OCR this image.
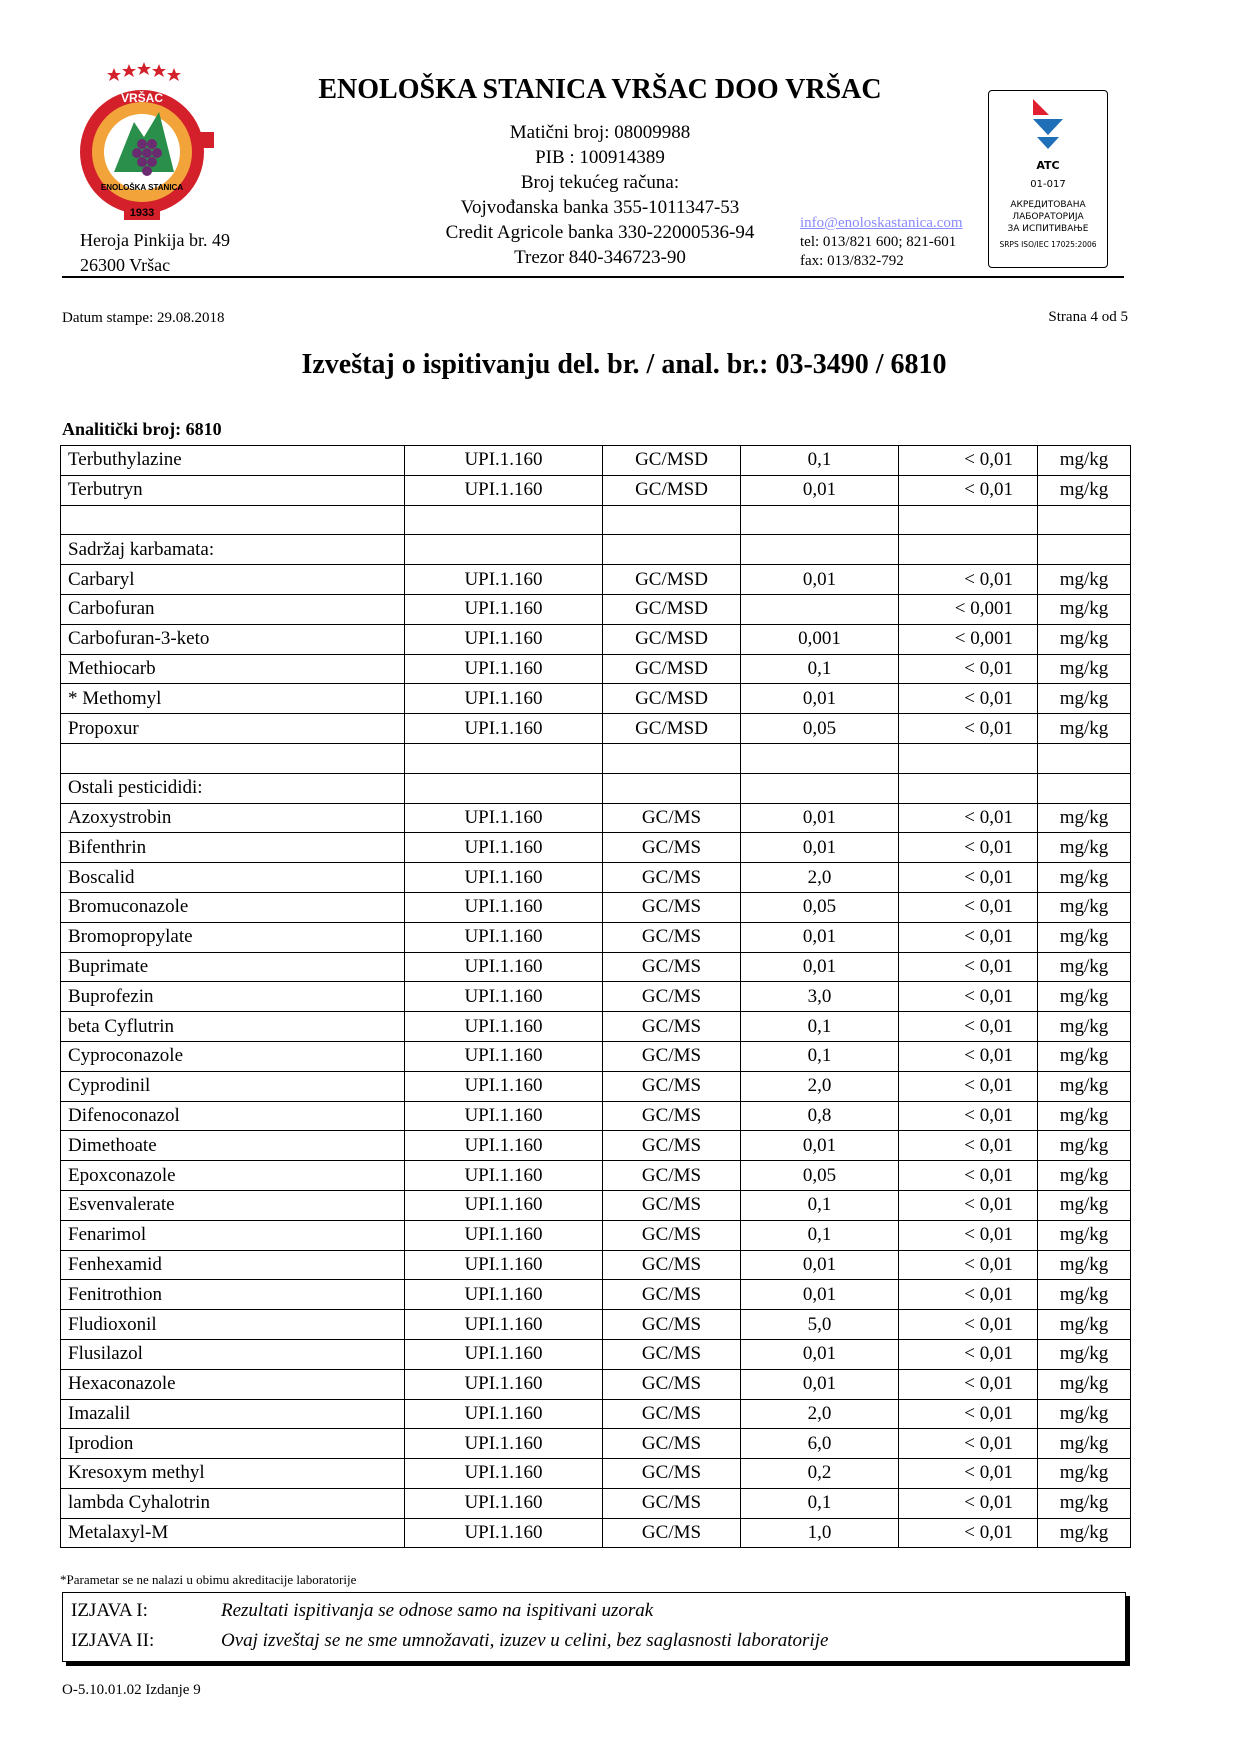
1933
VRŠAC
ENOLOŠKA STANICA
Heroja Pinkija br. 49
26300 Vršac
ENOLOŠKA STANICA VRŠAC DOO VRŠAC
Matični broj: 08009988
PIB : 100914389
Broj tekućeg računa:
Vojvođanska banka 355-1011347-53
Credit Agricole banka 330-22000536-94
Trezor 840-346723-90
info@enoloskastanica.com
tel: 013/821 600; 821-601
fax: 013/832-792
ATC
01-017
АКРЕДИТОВАНА
ЛАБОРАТОРИЈА
ЗА ИСПИТИВАЊЕ
SRPS ISO/IEC 17025:2006
Datum stampe: 29.08.2018	Strana 4 od 5
Izveštaj o ispitivanju del. br. / anal. br.: 03-3490 / 6810
Analitički broj: 6810
Terbuthylazine	UPI.1.160	GC/MSD	0,1	< 0,01	mg/kg
Terbutryn	UPI.1.160	GC/MSD	0,01	< 0,01	mg/kg

Sadržaj karbamata:					
Carbaryl	UPI.1.160	GC/MSD	0,01	< 0,01	mg/kg
Carbofuran	UPI.1.160	GC/MSD		< 0,001	mg/kg
Carbofuran-3-keto	UPI.1.160	GC/MSD	0,001	< 0,001	mg/kg
Methiocarb	UPI.1.160	GC/MSD	0,1	< 0,01	mg/kg
* Methomyl	UPI.1.160	GC/MSD	0,01	< 0,01	mg/kg
Propoxur	UPI.1.160	GC/MSD	0,05	< 0,01	mg/kg

Ostali pesticididi:					
Azoxystrobin	UPI.1.160	GC/MS	0,01	< 0,01	mg/kg
Bifenthrin	UPI.1.160	GC/MS	0,01	< 0,01	mg/kg
Boscalid	UPI.1.160	GC/MS	2,0	< 0,01	mg/kg
Bromuconazole	UPI.1.160	GC/MS	0,05	< 0,01	mg/kg
Bromopropylate	UPI.1.160	GC/MS	0,01	< 0,01	mg/kg
Buprimate	UPI.1.160	GC/MS	0,01	< 0,01	mg/kg
Buprofezin	UPI.1.160	GC/MS	3,0	< 0,01	mg/kg
beta Cyflutrin	UPI.1.160	GC/MS	0,1	< 0,01	mg/kg
Cyproconazole	UPI.1.160	GC/MS	0,1	< 0,01	mg/kg
Cyprodinil	UPI.1.160	GC/MS	2,0	< 0,01	mg/kg
Difenoconazol	UPI.1.160	GC/MS	0,8	< 0,01	mg/kg
Dimethoate	UPI.1.160	GC/MS	0,01	< 0,01	mg/kg
Epoxconazole	UPI.1.160	GC/MS	0,05	< 0,01	mg/kg
Esvenvalerate	UPI.1.160	GC/MS	0,1	< 0,01	mg/kg
Fenarimol	UPI.1.160	GC/MS	0,1	< 0,01	mg/kg
Fenhexamid	UPI.1.160	GC/MS	0,01	< 0,01	mg/kg
Fenitrothion	UPI.1.160	GC/MS	0,01	< 0,01	mg/kg
Fludioxonil	UPI.1.160	GC/MS	5,0	< 0,01	mg/kg
Flusilazol	UPI.1.160	GC/MS	0,01	< 0,01	mg/kg
Hexaconazole	UPI.1.160	GC/MS	0,01	< 0,01	mg/kg
Imazalil	UPI.1.160	GC/MS	2,0	< 0,01	mg/kg
Iprodion	UPI.1.160	GC/MS	6,0	< 0,01	mg/kg
Kresoxym methyl	UPI.1.160	GC/MS	0,2	< 0,01	mg/kg
lambda Cyhalotrin	UPI.1.160	GC/MS	0,1	< 0,01	mg/kg
Metalaxyl-M	UPI.1.160	GC/MS	1,0	< 0,01	mg/kg
*Parametar se ne nalazi u obimu akreditacije laboratorije
IZJAVA I:	Rezultati ispitivanja se odnose samo na ispitivani uzorak
IZJAVA II:	Ovaj izveštaj se ne sme umnožavati, izuzev u celini, bez saglasnosti laboratorije
O-5.10.01.02 Izdanje 9
